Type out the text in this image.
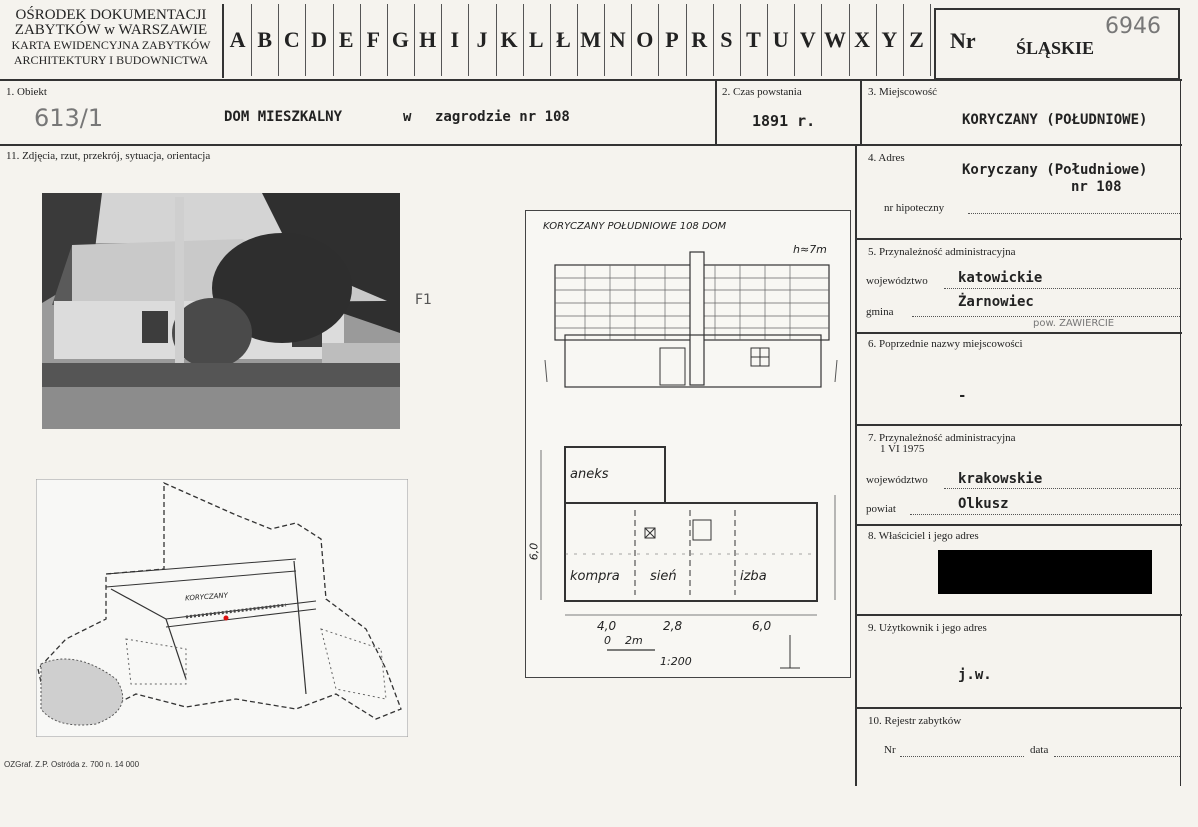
OŚRODEK DOKUMENTACJI
ZABYTKÓW w WARSZAWIE
KARTA EWIDENCYJNA ZABYTKÓW
ARCHITEKTURY I BUDOWNICTWA
A B C D E F G H I J K L Ł M N O P R S T U V W X Y Z Nr ŚLĄSKIE
6946
1. Obiekt
613/1	DOM MIESZKALNY	w zagrodzie nr 108
2. Czas powstania
1891 r.
3. Miejscowość
KORYCZANY (POŁUDNIOWE)
11. Zdjęcia, rzut, przekrój, sytuacja, orientacja
F1
KORYCZANY
KORYCZANY POŁUDNIOWE 108 DOM
h≈7m
aneks
kompra sień	izba
4,0	2,8	6,0
6,0
0    2m
1:200
OZGraf. Z.P. Ostróda z. 700 n. 14 000
4. Adres
Koryczany (Południowe)
nr 108
nr hipoteczny
5. Przynależność administracyjna
województwo katowickie
gmina
Żarnowiec
pow. ZAWIERCIE
6. Poprzednie nazwy miejscowości
-
7. Przynależność administracyjna
1 VI 1975
województwo krakowskie
powiat	Olkusz
8. Właściciel i jego adres
9. Użytkownik i jego adres
j.w.
10. Rejestr zabytków
Nr	data
